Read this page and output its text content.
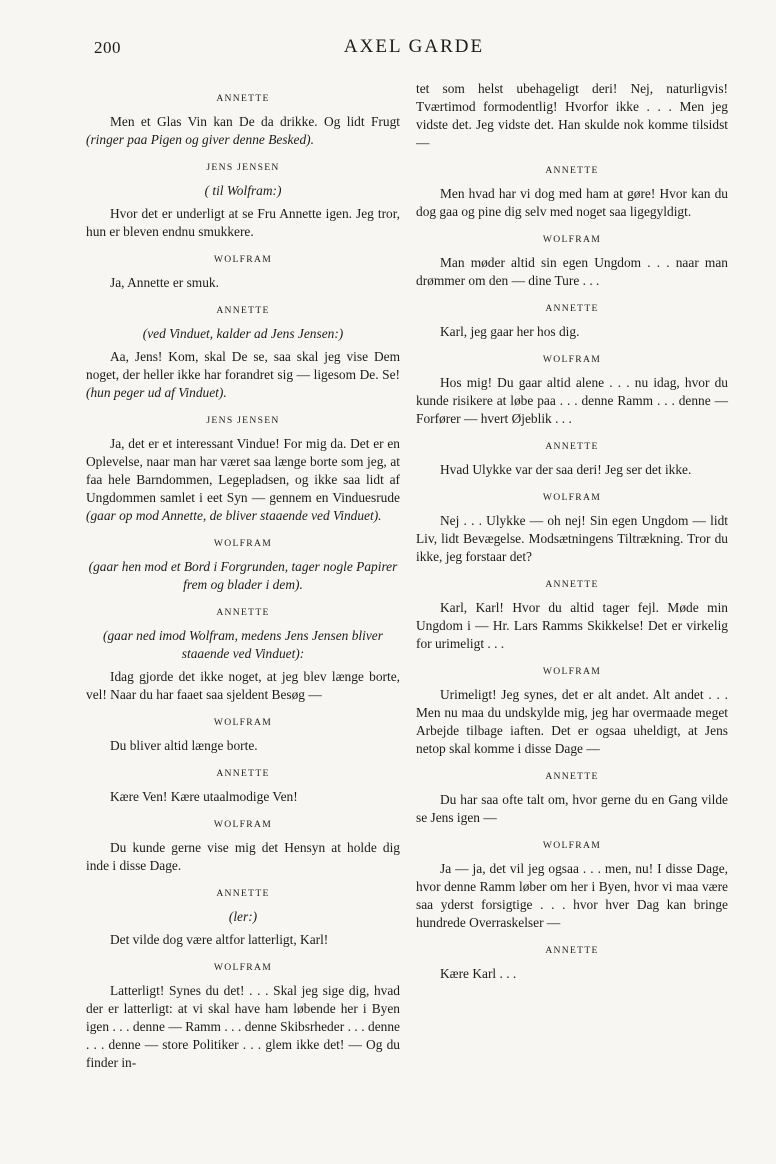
200	AXEL GARDE
ANNETTE

Men et Glas Vin kan De da drikke. Og lidt Frugt (ringer paa Pigen og giver denne Besked).

JENS JENSEN
( til Wolfram:)

Hvor det er underligt at se Fru Annette igen. Jeg tror, hun er bleven endnu smukkere.

WOLFRAM

Ja, Annette er smuk.

ANNETTE
(ved Vinduet, kalder ad Jens Jensen:)

Aa, Jens! Kom, skal De se, saa skal jeg vise Dem noget, der heller ikke har forandret sig — ligesom De. Se! (hun peger ud af Vinduet).

JENS JENSEN

Ja, det er et interessant Vindue! For mig da. Det er en Oplevelse, naar man har været saa længe borte som jeg, at faa hele Barndommen, Legepladsen, og ikke saa lidt af Ungdommen samlet i eet Syn — gennem en Vinduesrude (gaar op mod Annette, de bliver staaende ved Vinduet).

WOLFRAM
(gaar hen mod et Bord i Forgrunden, tager nogle Papirer frem og blader i dem).
ANNETTE
(gaar ned imod Wolfram, medens Jens Jensen bliver staaende ved Vinduet):

Idag gjorde det ikke noget, at jeg blev længe borte, vel! Naar du har faaet saa sjeldent Besøg —

WOLFRAM

Du bliver altid længe borte.

ANNETTE

Kære Ven! Kære utaalmodige Ven!

WOLFRAM

Du kunde gerne vise mig det Hensyn at holde dig inde i disse Dage.

ANNETTE
(ler:)

Det vilde dog være altfor latterligt, Karl!

WOLFRAM

Latterligt! Synes du det! . . . Skal jeg sige dig, hvad der er latterligt: at vi skal have ham løbende her i Byen igen . . . denne — Ramm . . . denne Skibsrheder . . . denne . . . denne — store Politiker . . . glem ikke det! — Og du finder in-

tet som helst ubehageligt deri! Nej, naturligvis! Tværtimod formodentlig! Hvorfor ikke . . . Men jeg vidste det. Jeg vidste det. Han skulde nok komme tilsidst —

ANNETTE

Men hvad har vi dog med ham at gøre! Hvor kan du dog gaa og pine dig selv med noget saa ligegyldigt.

WOLFRAM

Man møder altid sin egen Ungdom . . . naar man drømmer om den — dine Ture . . .

ANNETTE

Karl, jeg gaar her hos dig.

WOLFRAM

Hos mig! Du gaar altid alene . . . nu idag, hvor du kunde risikere at løbe paa . . . denne Ramm . . . denne — Forfører — hvert Øjeblik . . .

ANNETTE

Hvad Ulykke var der saa deri! Jeg ser det ikke.

WOLFRAM

Nej . . . Ulykke — oh nej! Sin egen Ungdom — lidt Liv, lidt Bevægelse. Modsætningens Tiltrækning. Tror du ikke, jeg forstaar det?

ANNETTE

Karl, Karl! Hvor du altid tager fejl. Møde min Ungdom i — Hr. Lars Ramms Skikkelse! Det er virkelig for urimeligt . . .

WOLFRAM

Urimeligt! Jeg synes, det er alt andet. Alt andet . . . Men nu maa du undskylde mig, jeg har overmaade meget Arbejde tilbage iaften. Det er ogsaa uheldigt, at Jens netop skal komme i disse Dage —

ANNETTE

Du har saa ofte talt om, hvor gerne du en Gang vilde se Jens igen —

WOLFRAM

Ja — ja, det vil jeg ogsaa . . . men, nu! I disse Dage, hvor denne Ramm løber om her i Byen, hvor vi maa være saa yderst forsigtige . . . hvor hver Dag kan bringe hundrede Overraskelser —

ANNETTE

Kære Karl . . .
